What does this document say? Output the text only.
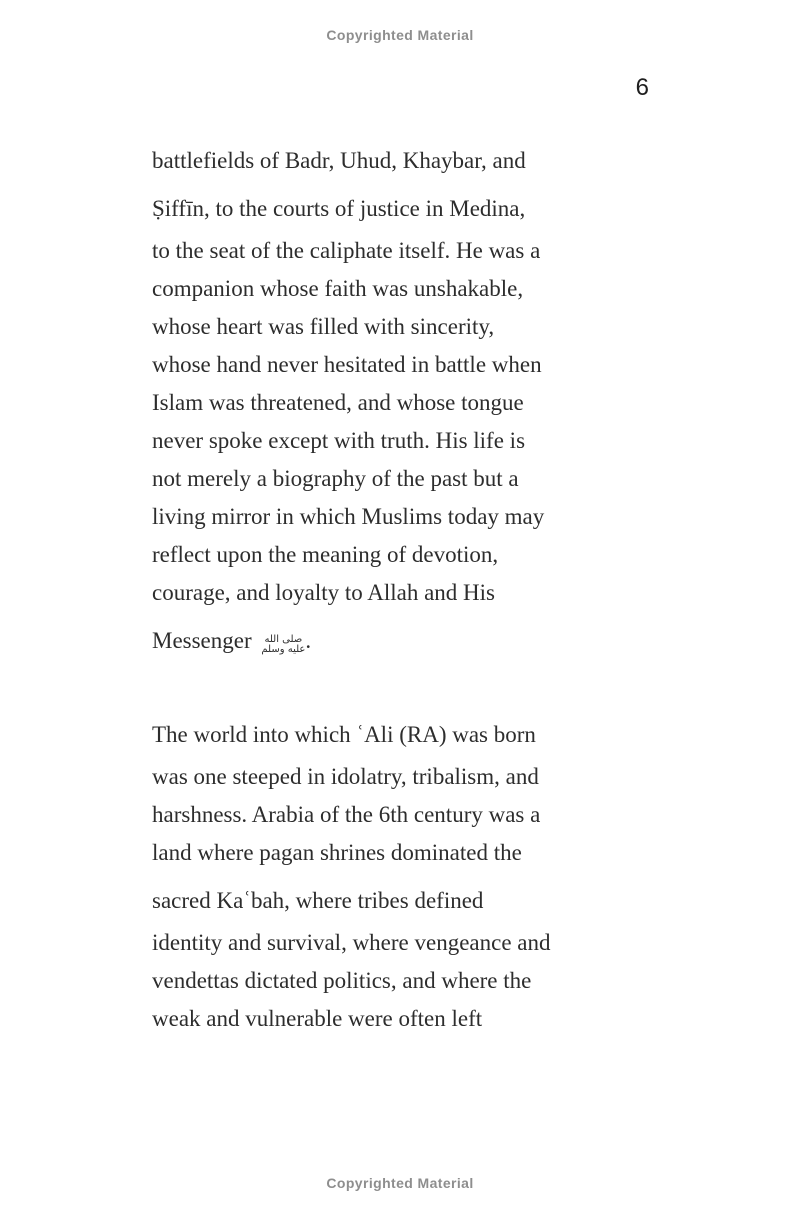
Copyrighted Material
6
battlefields of Badr, Uhud, Khaybar, and
Ṣiffīn, to the courts of justice in Medina,
to the seat of the caliphate itself. He was a
companion whose faith was unshakable,
whose heart was filled with sincerity,
whose hand never hesitated in battle when
Islam was threatened, and whose tongue
never spoke except with truth. His life is
not merely a biography of the past but a
living mirror in which Muslims today may
reflect upon the meaning of devotion,
courage, and loyalty to Allah and His
Messenger صلى الله
عليه وسلم.
The world into which ʿAli (RA) was born
was one steeped in idolatry, tribalism, and
harshness. Arabia of the 6th century was a
land where pagan shrines dominated the
sacred Kaʿbah, where tribes defined
identity and survival, where vengeance and
vendettas dictated politics, and where the
weak and vulnerable were often left
Copyrighted Material
